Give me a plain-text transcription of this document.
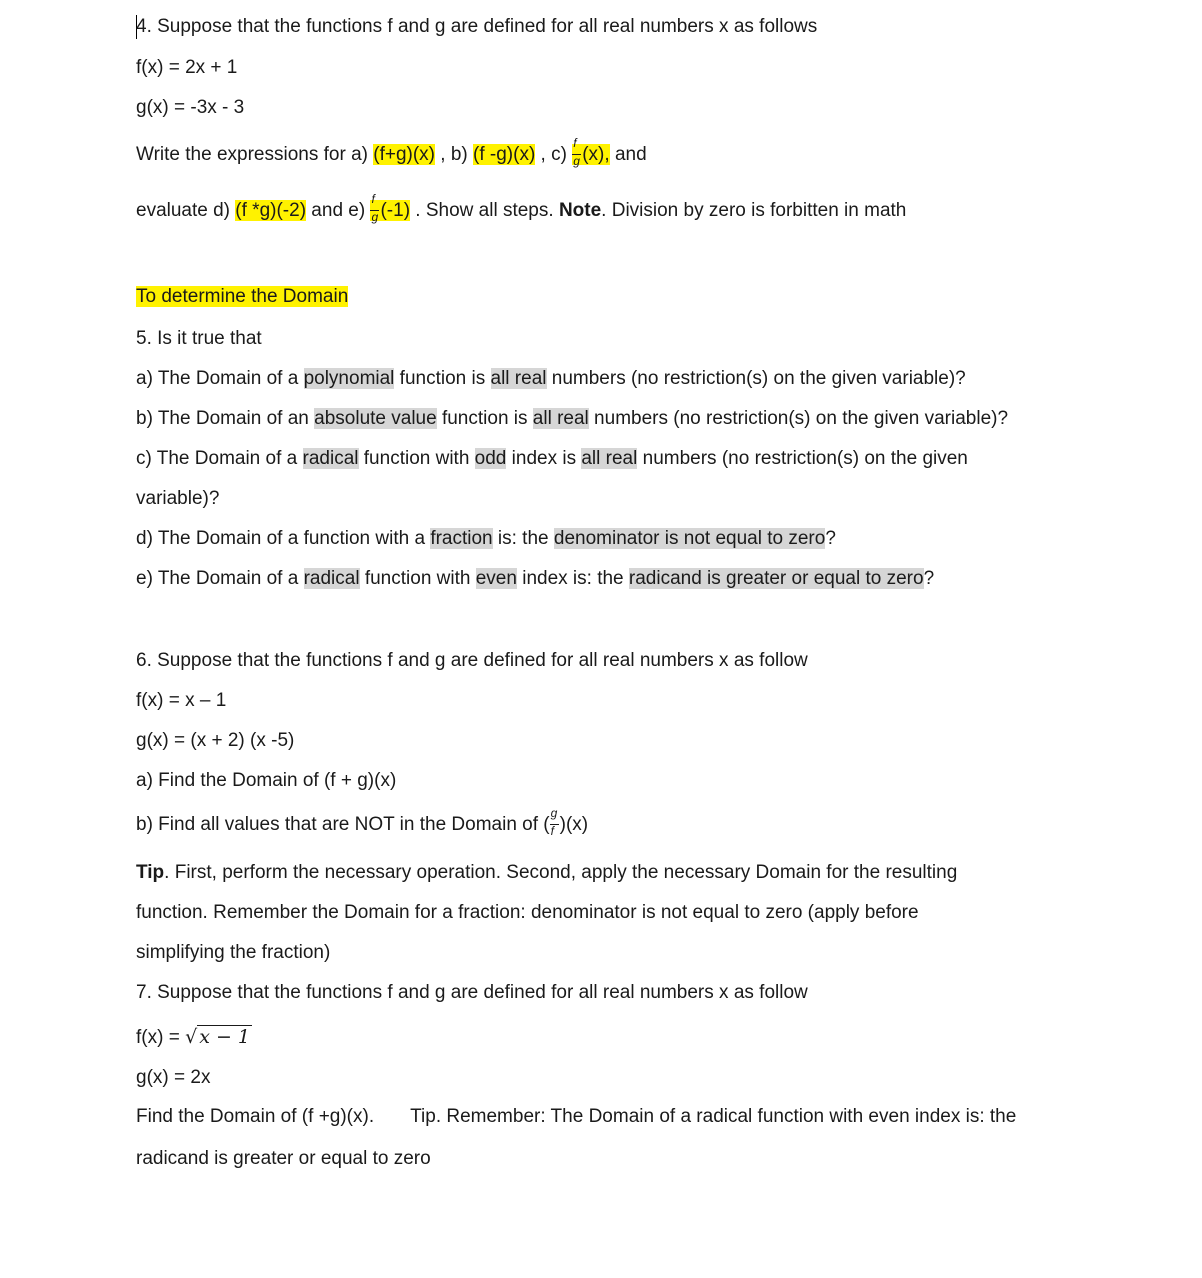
4. Suppose that the functions f and g are defined for all real numbers x as follows
f(x) = 2x + 1
g(x) = -3x - 3
Write the expressions for a) (f+g)(x) , b) (f -g)(x) , $c) \frac{f}{g} (x)$, and
evaluate d) (f *g)(-2) and $e) \frac{f}{g} (-1)$ . Show all steps. Note. Division by zero is forbitten in math
To determine the Domain
5. Is it true that
a) The Domain of a polynomial function is all real numbers (no restriction(s) on the given variable)?
b) The Domain of an absolute value function is all real numbers (no restriction(s) on the given variable)?
c) The Domain of a radical function with odd index is all real numbers (no restriction(s) on the given
variable)?
d) The Domain of a function with a fraction is: the denominator is not equal to zero?
e) The Domain of a radical function with even index is: the radicand is greater or equal to zero?
6. Suppose that the functions f and g are defined for all real numbers x as follow
f(x) = x – 1
g(x) = (x + 2) (x -5)
a) Find the Domain of (f + g)(x)
b) Find all values that are NOT in the Domain of ( $\frac{g}{f} )(x)$
Tip. First, perform the necessary operation. Second, apply the necessary Domain for the resulting
function. Remember the Domain for a fraction: denominator is not equal to zero (apply before
simplifying the fraction)
7. Suppose that the functions f and g are defined for all real numbers x as follow
f(x) = √ x − 1
g(x) = 2x
Find the Domain of (f +g)(x). Tip. Remember: The Domain of a radical function with even index is: the
radicand is greater or equal to zero
